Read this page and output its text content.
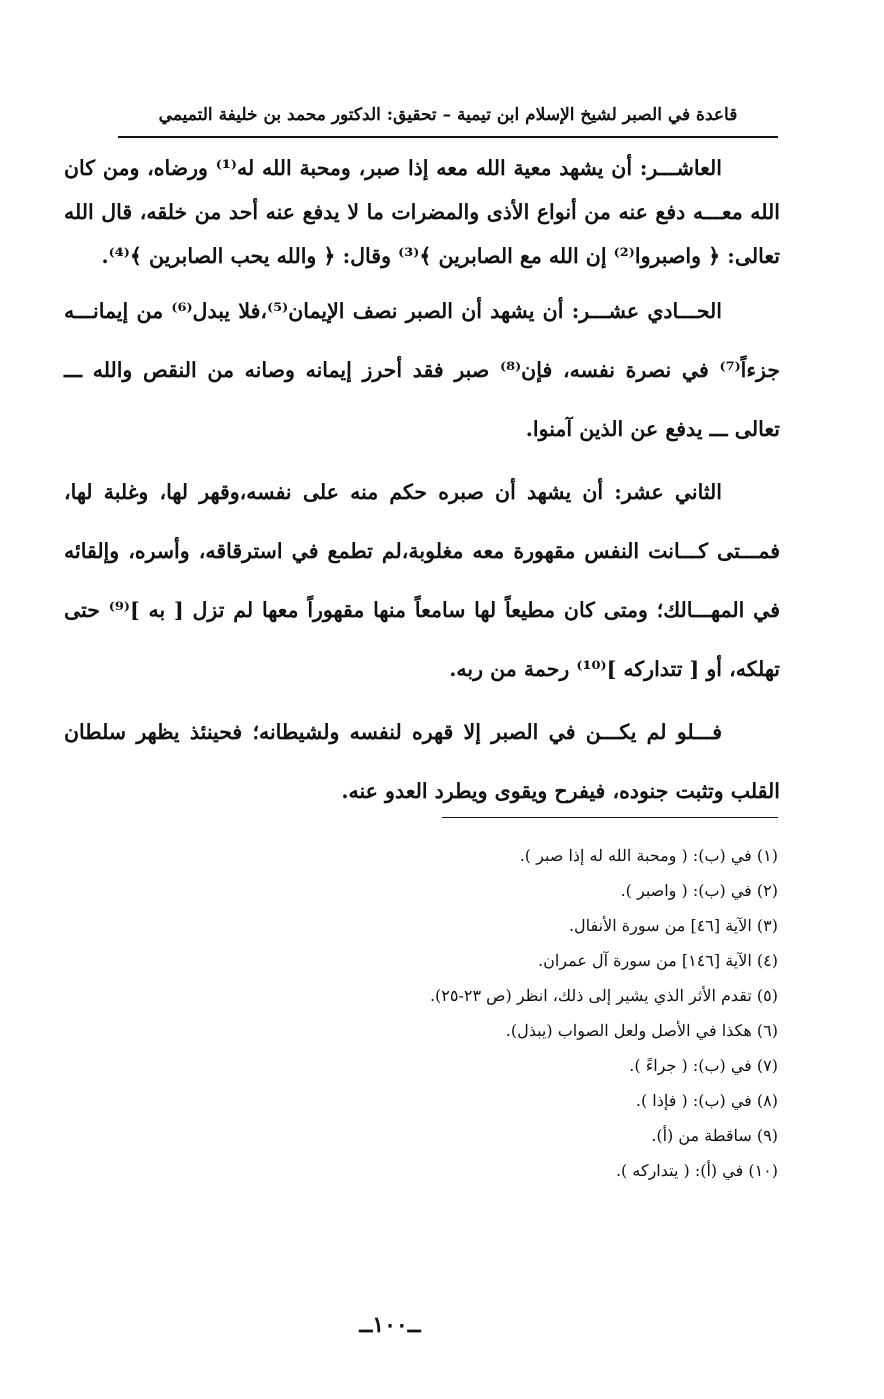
قاعدة في الصبر لشيخ الإسلام ابن تيمية – تحقيق: الدكتور محمد بن خليفة التميمي

العاشـــر: أن يشهد معية الله معه إذا صبر، ومحبة الله له⁽¹⁾ ورضاه، ومن كان الله معـــه دفع عنه من أنواع الأذى والمضرات ما لا يدفع عنه أحد من خلقه، قال الله تعالى: ﴿ واصبروا⁽²⁾ إن الله مع الصابرين ﴾⁽³⁾ وقال: ﴿ والله يحب الصابرين ﴾⁽⁴⁾.

الحـــادي عشـــر: أن يشهد أن الصبر نصف الإيمان⁽⁵⁾،فلا يبدل⁽⁶⁾ من إيمانـــه جزءاً⁽⁷⁾ في نصرة نفسه، فإن⁽⁸⁾ صبر فقد أحرز إيمانه وصانه من النقص والله ـــ تعالى ـــ يدفع عن الذين آمنوا.

الثاني عشر: أن يشهد أن صبره حكم منه على نفسه،وقهر لها، وغلبة لها، فمـــتى كـــانت النفس مقهورة معه مغلوبة،لم تطمع في استرقاقه، وأسره، وإلقائه في المهـــالك؛ ومتى كان مطيعاً لها سامعاً منها مقهوراً معها لم تزل [ به ]⁽⁹⁾ حتى تهلكه، أو [ تتداركه ]⁽¹⁰⁾ رحمة من ربه.

فـــلو لم يكـــن في الصبر إلا قهره لنفسه ولشيطانه؛ فحينئذ يظهر سلطان القلب وتثبت جنوده، فيفرح ويقوى ويطرد العدو عنه.

(١) في (ب): ( ومحبة الله له إذا صبر ).
(٢) في (ب): ( واصبر ).
(٣) الآية [٤٦] من سورة الأنفال.
(٤) الآية [١٤٦] من سورة آل عمران.
(٥) تقدم الأثر الذي يشير إلى ذلك، انظر (ص ٢٣-٢٥).
(٦) هكذا في الأصل ولعل الصواب (يبذل).
(٧) في (ب): ( جراءً ).
(٨) في (ب): ( فإذا ).
(٩) ساقطة من (أ).
(١٠) في (أ): ( يتداركه ).
ــ١٠٠ــ
